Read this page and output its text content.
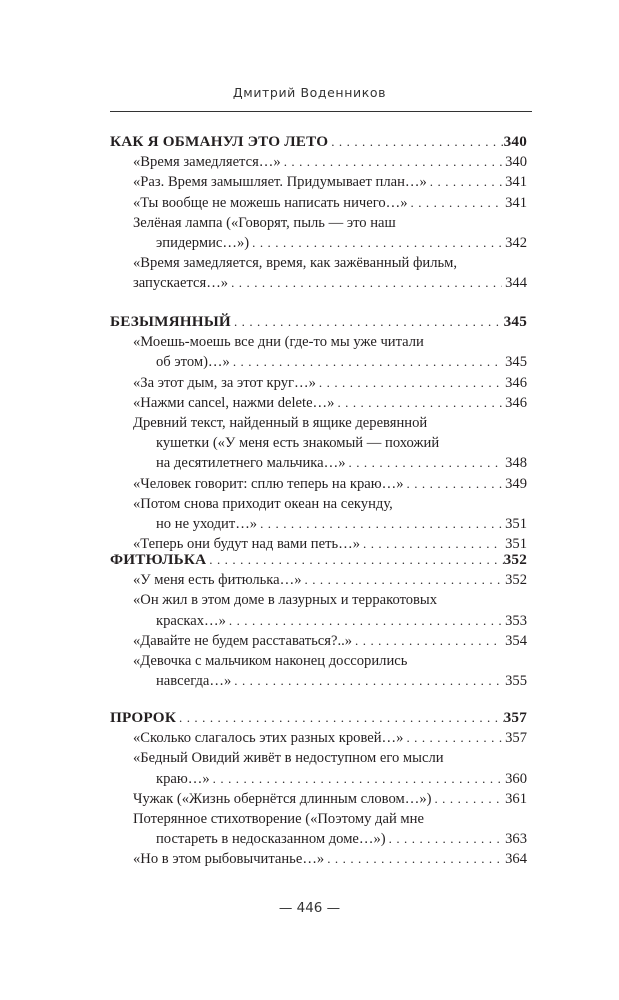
Дмитрий Воденников
КАК Я ОБМАНУЛ ЭТО ЛЕТО . . .	340
«Время замедляется…» . . .	340
«Раз. Время замышляет. Придумывает план…» . . .	341
«Ты вообще не можешь написать ничего…» . . .	341
Зелёная лампа («Говорят, пыль — это наш
эпидермис…») . . .	342
«Время замедляется, время, как зажёванный фильм,
запускается…» . . .	344
БЕЗЫМЯННЫЙ . . .	345
«Моешь-моешь все дни (где-то мы уже читали
об этом)…» . . .	345
«За этот дым, за этот круг…» . . .	346
«Нажми cancel, нажми delete…» . . .	346
Древний текст, найденный в ящике деревянной
кушетки («У меня есть знакомый — похожий
на десятилетнего мальчика…» . . .	348
«Человек говорит: сплю теперь на краю…» . . .	349
«Потом снова приходит океан на секунду,
но не уходит…» . . .	351
«Теперь они будут над вами петь…» . . .	351
ФИТЮЛЬКА . . .	352
«У меня есть фитюлька…» . . .	352
«Он жил в этом доме в лазурных и терракотовых
красках…» . . .	353
«Давайте не будем расставаться?..» . . .	354
«Девочка с мальчиком наконец доссорились
навсегда…» . . .	355
ПРОРОК . . .	357
«Сколько слагалось этих разных кровей…» . . .	357
«Бедный Овидий живёт в недоступном его мысли
краю…» . . .	360
Чужак («Жизнь обернётся длинным словом…») . . .	361
Потерянное стихотворение («Поэтому дай мне
постареть в недосказанном доме…») . . .	363
«Но в этом рыбовычитанье…» . . .	364
— 446 —
